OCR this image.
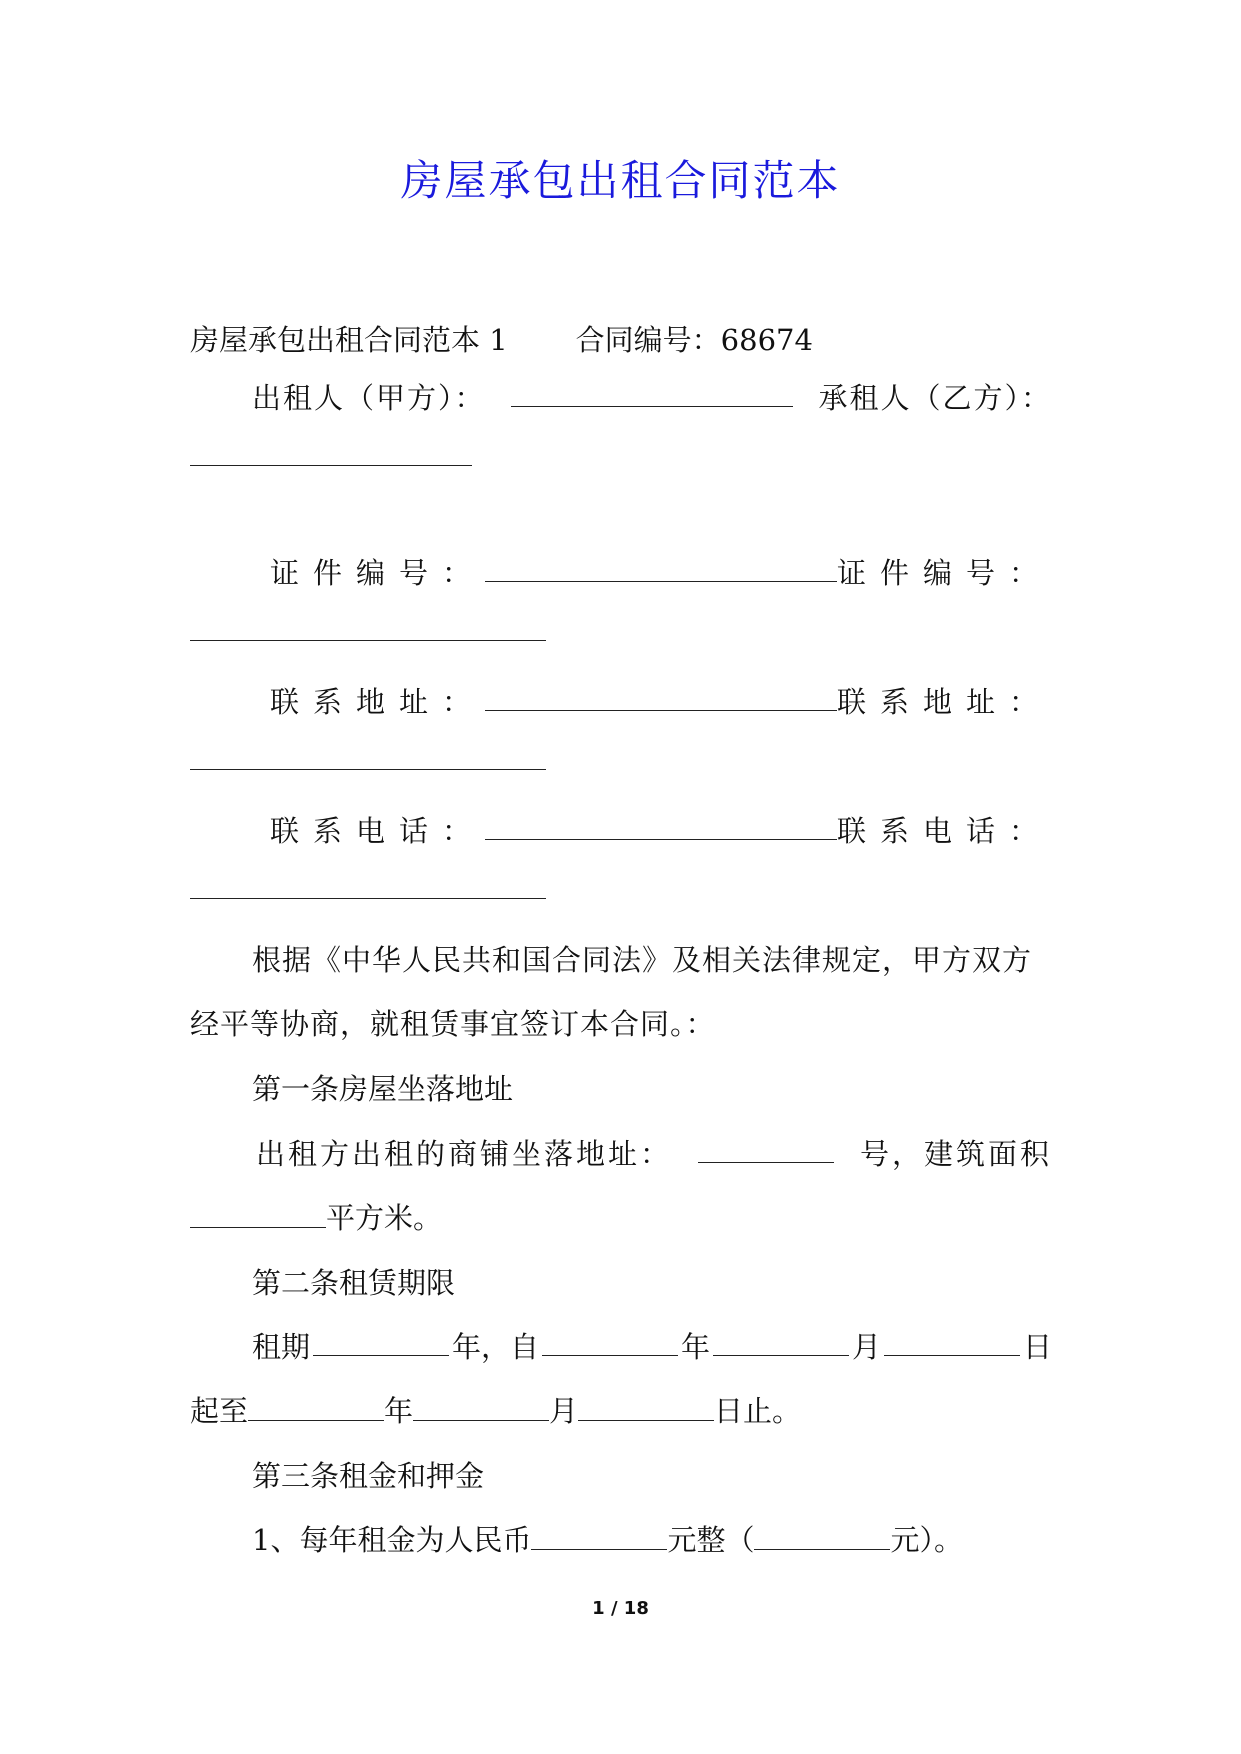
房屋承包出租合同范本
房屋承包出租合同范本 1 合同编号：68674
出租人（甲方）：	承租人（乙方）：
证件编号：	证件编号：
联系地址：	联系地址：
联系电话：	联系电话：
根据《中华人民共和国合同法》及相关法律规定，甲方双方
经平等协商，就租赁事宜签订本合同。：
第一条房屋坐落地址
出租方出租的商铺坐落地址：	号，建筑面积
平方米。
第二条租赁期限
租期	年，自	年	月	日
起至	年	月	日止。
第三条租金和押金
1、每年租金为人民币	元整（	元）。
1 / 18
